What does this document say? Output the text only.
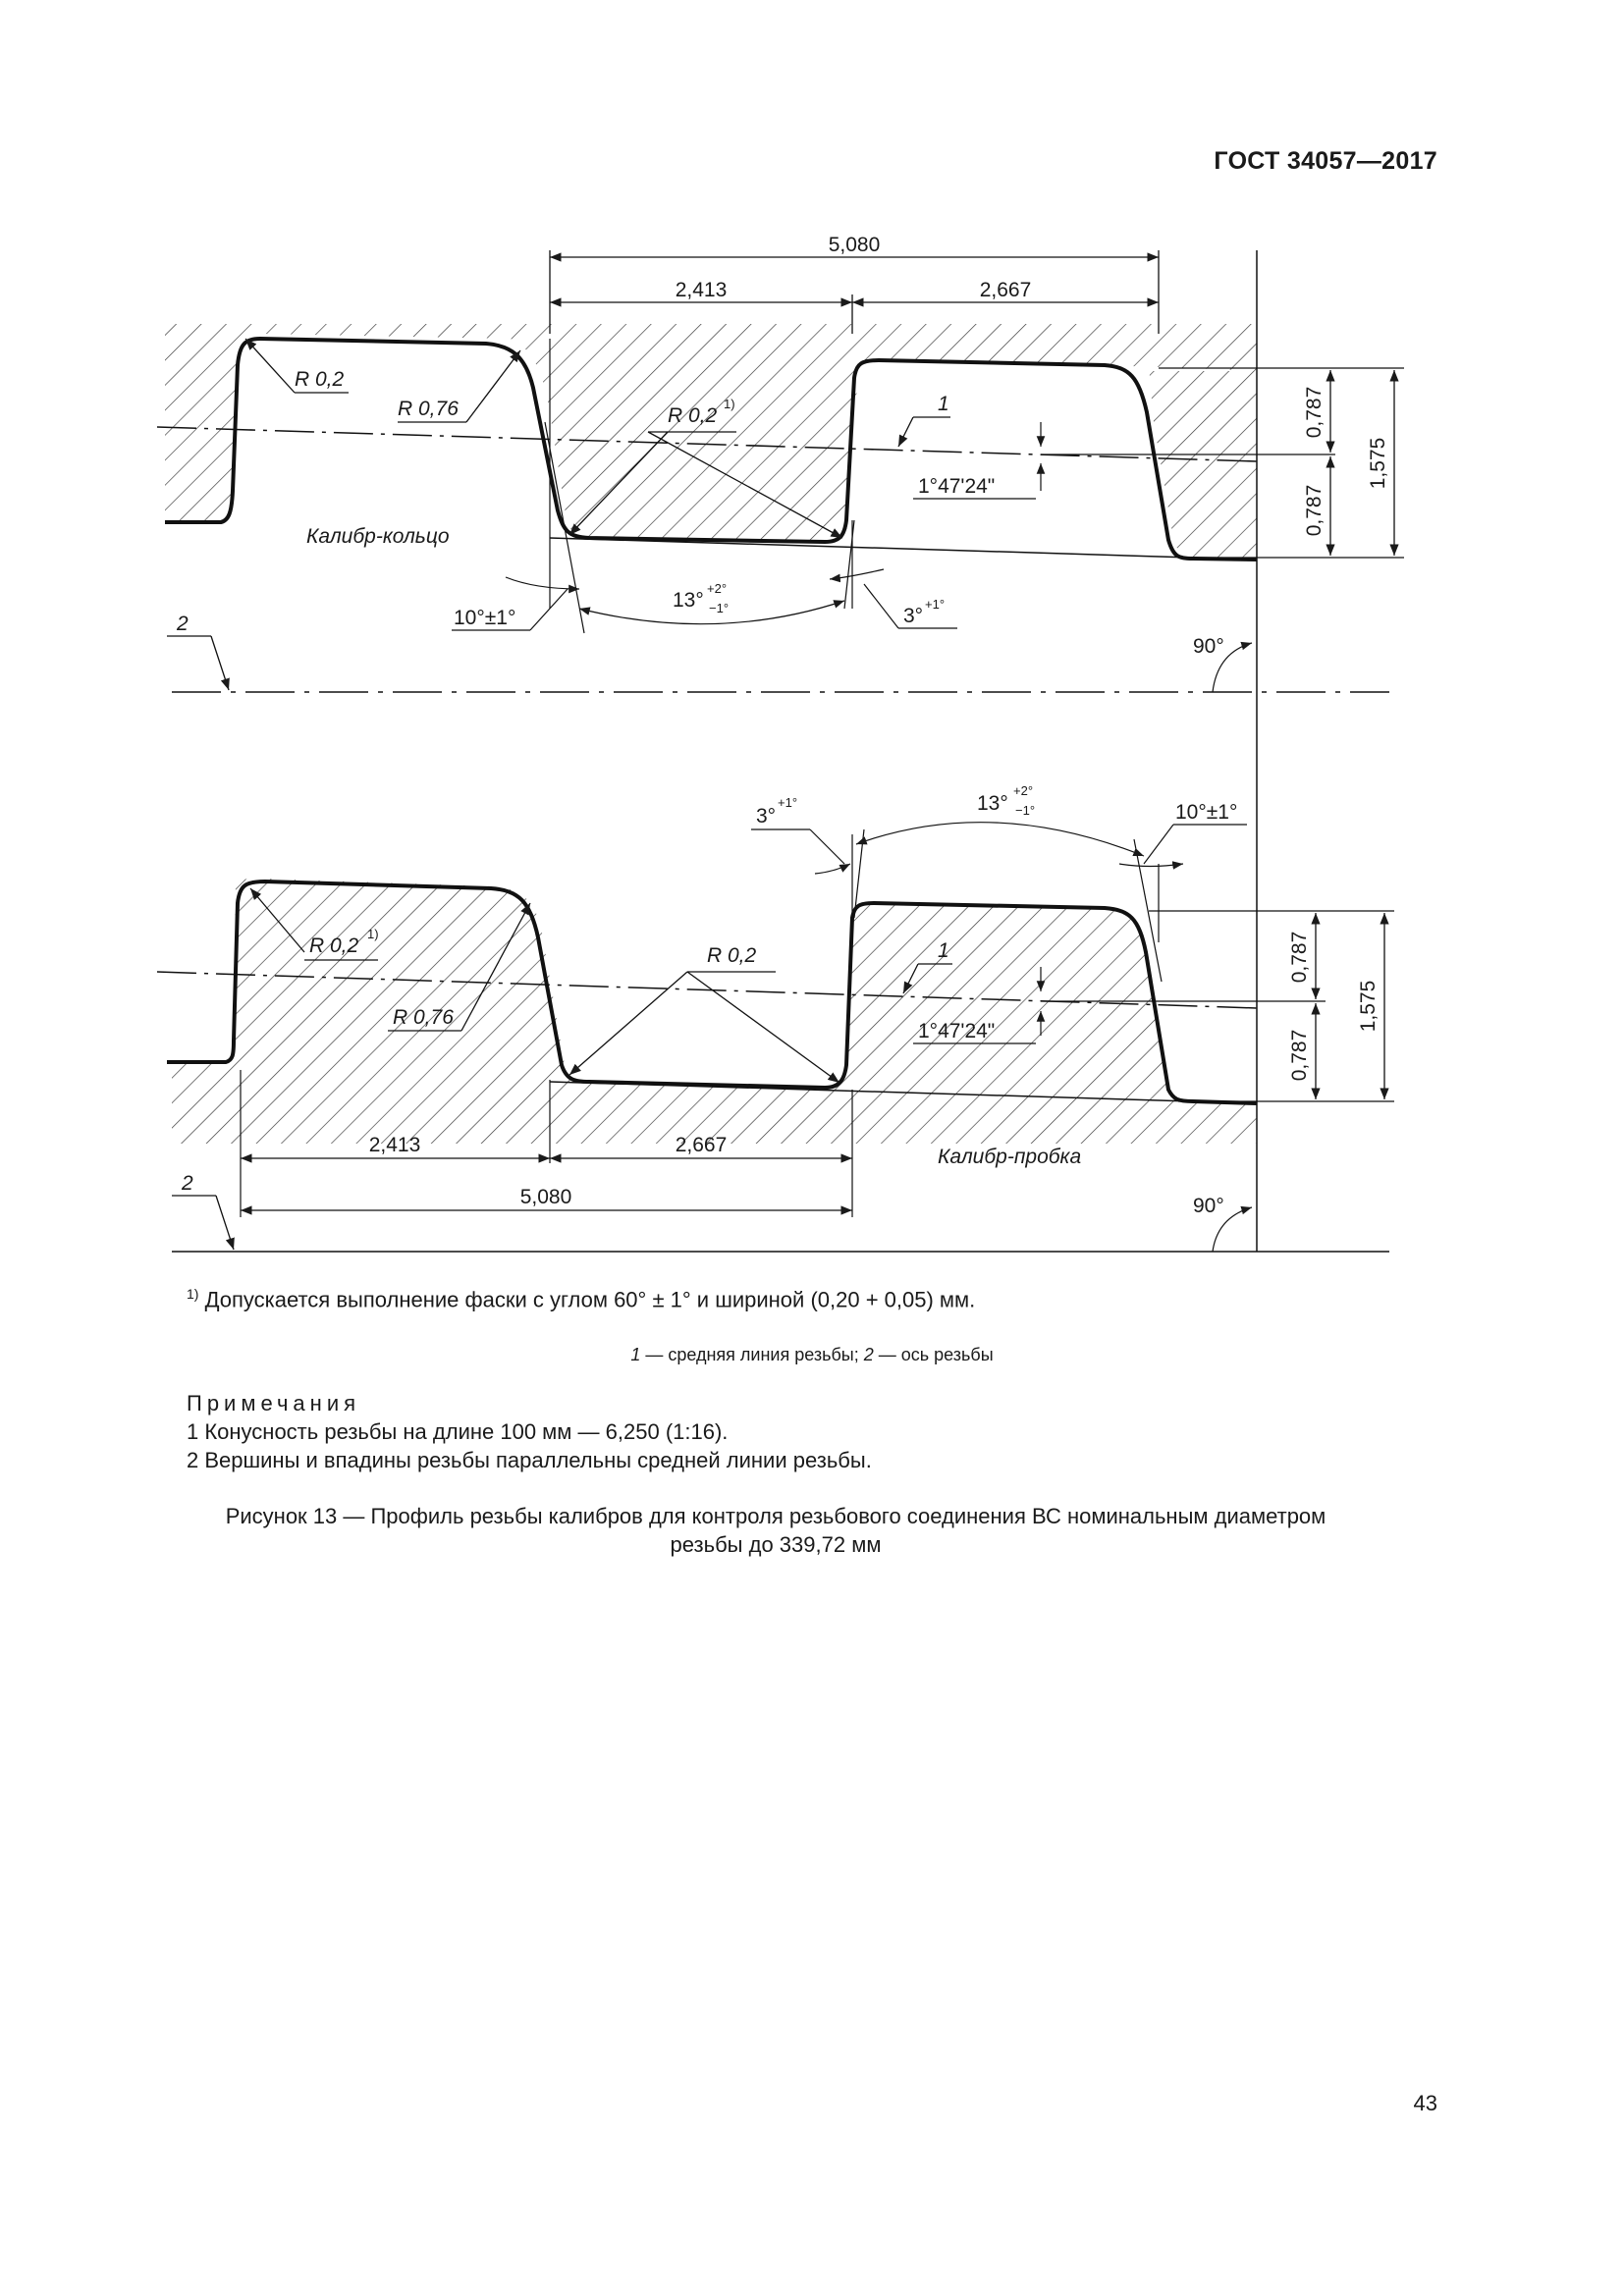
ГОСТ 34057—2017
5,080
2,413	2,667
R 0,2
R 0,76	R 0,2
1)	1
1°47'24"
0,787
0,787
1,575
10°±1°
13°
+2°
−1°	3°
+1°
2
90°
Калибр-кольцо
R 0,2
1)
R 0,76
R 0,2	1
1°47'24"
0,787
0,787
1,575
13°
+2°
−1°
3°
+1°	10°±1°
2,413	2,667
5,080
Калибр-пробка
2
90°
$^{1)}$ Допускается выполнение фаски с углом 60° ± 1° и шириной (0,20 + 0,05) мм.
1 — средняя линия резьбы; 2 — ось резьбы
Примечания
1 Конусность резьбы на длине 100 мм — 6,250 (1:16).
2 Вершины и впадины резьбы параллельны средней линии резьбы.
Рисунок 13 — Профиль резьбы калибров для контроля резьбового соединения ВС номинальным диаметром
резьбы до 339,72 мм
43
